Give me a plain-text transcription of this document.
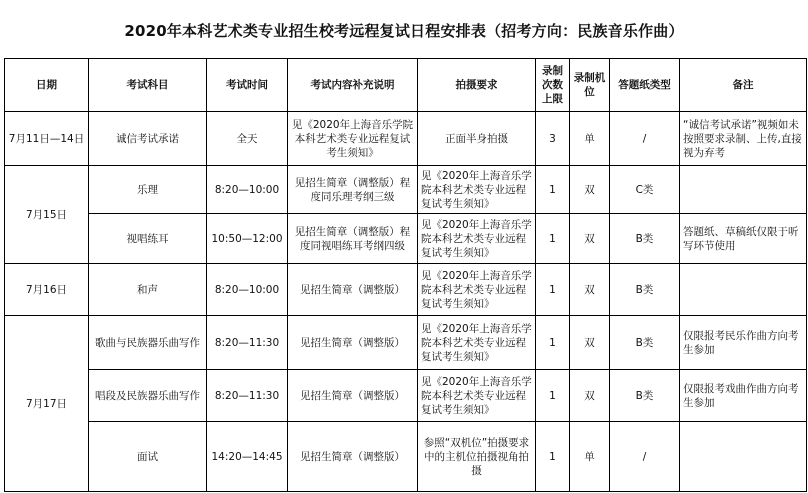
2020年本科艺术类专业招生校考远程复试日程安排表（招考方向：民族音乐作曲）
日期	考试科目	考试时间	考试内容补充说明	拍摄要求	录制次数上限	录制机位	答题纸类型	备注
7月11日—14日	诚信考试承诺	全天	见《2020年上海音乐学院本科艺术类专业远程复试考生须知》	正面半身拍摄	3	单	/	“诚信考试承诺”视频如未按照要求录制、上传,直接视为弃考
7月15日	乐理	8:20—10:00	见招生简章（调整版）程度同乐理考纲三级	见《2020年上海音乐学院本科艺术类专业远程复试考生须知》	1	双	C类	
	视唱练耳	10:50—12:00	见招生简章（调整版）程度同视唱练耳考纲四级	见《2020年上海音乐学院本科艺术类专业远程复试考生须知》	1	双	B类	答题纸、草稿纸仅限于听写环节使用
7月16日	和声	8:20—10:00	见招生简章（调整版）	见《2020年上海音乐学院本科艺术类专业远程复试考生须知》	1	双	B类	
7月17日	歌曲与民族器乐曲写作	8:20—11:30	见招生简章（调整版）	见《2020年上海音乐学院本科艺术类专业远程复试考生须知》	1	双	B类	仅限报考民乐作曲方向考生参加
	唱段及民族器乐曲写作	8:20—11:30	见招生简章（调整版）	见《2020年上海音乐学院本科艺术类专业远程复试考生须知》	1	双	B类	仅限报考戏曲作曲方向考生参加
	面试	14:20—14:45	见招生简章（调整版）	参照“双机位”拍摄要求中的主机位拍摄视角拍摄	1	单	/	
